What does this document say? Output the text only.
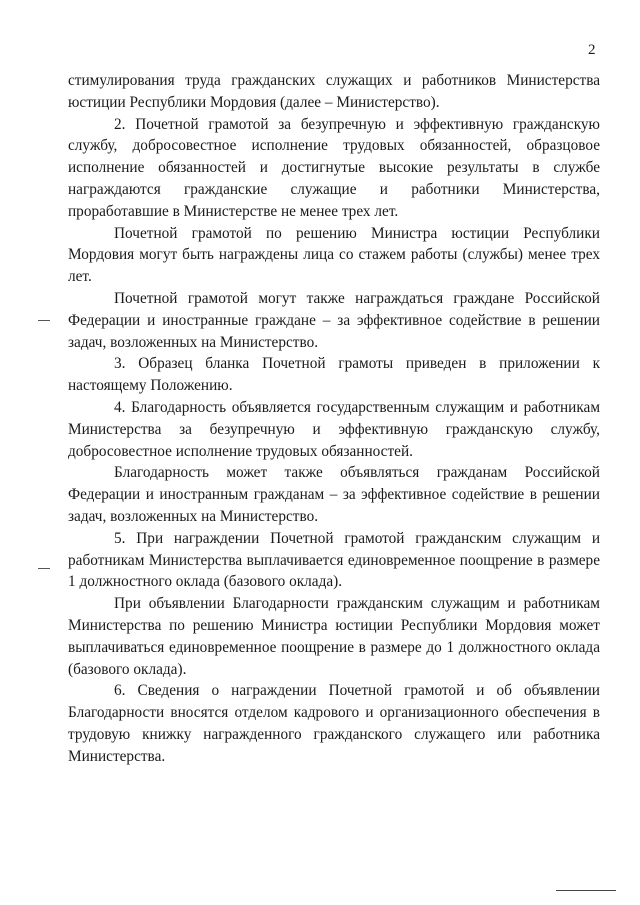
2

стимулирования труда гражданских служащих и работников Министерства юстиции Республики Мордовия (далее – Министерство).

2. Почетной грамотой за безупречную и эффективную гражданскую службу, добросовестное исполнение трудовых обязанностей, образцовое исполнение обязанностей и достигнутые высокие результаты в службе награждаются гражданские служащие и работники Министерства, проработавшие в Министерстве не менее трех лет.

Почетной грамотой по решению Министра юстиции Республики Мордовия могут быть награждены лица со стажем работы (службы) менее трех лет.

Почетной грамотой могут также награждаться граждане Российской Федерации и иностранные граждане – за эффективное содействие в решении задач, возложенных на Министерство.

3. Образец бланка Почетной грамоты приведен в приложении к настоящему Положению.

4. Благодарность объявляется государственным служащим и работникам Министерства за безупречную и эффективную гражданскую службу, добросовестное исполнение трудовых обязанностей.

Благодарность может также объявляться гражданам Российской Федерации и иностранным гражданам – за эффективное содействие в решении задач, возложенных на Министерство.

5. При награждении Почетной грамотой гражданским служащим и работникам Министерства выплачивается единовременное поощрение в размере 1 должностного оклада (базового оклада).

При объявлении Благодарности гражданским служащим и работникам Министерства по решению Министра юстиции Республики Мордовия может выплачиваться единовременное поощрение в размере до 1 должностного оклада (базового оклада).

6. Сведения о награждении Почетной грамотой и об объявлении Благодарности вносятся отделом кадрового и организационного обеспечения в трудовую книжку награжденного гражданского служащего или работника Министерства.
